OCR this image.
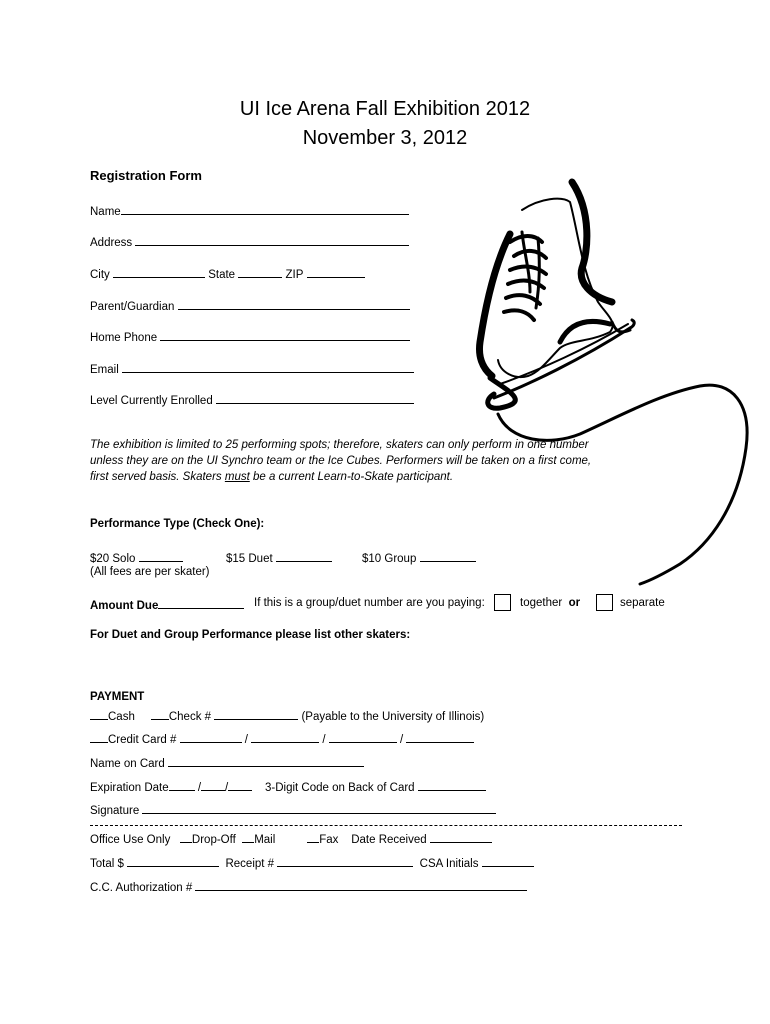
UI Ice Arena Fall Exhibition 2012
November 3, 2012
Registration Form
Name
Address
City	State	ZIP
Parent/Guardian
Home Phone
Email
Level Currently Enrolled
The exhibition is limited to 25 performing spots; therefore, skaters can only perform in one number unless they are on the UI Synchro team or the Ice Cubes. Performers will be taken on a first come, first served basis. Skaters must be a current Learn-to-Skate participant.
Performance Type (Check One):
$20 Solo	$15 Duet	$10 Group
(All fees are per skater)
Amount Due	If this is a group/duet number are you paying:	together or	separate
For Duet and Group Performance please list other skaters:
PAYMENT
Cash	Check #	(Payable to the University of Illinois)
Credit Card #	/	/	/
Name on Card
Expiration Date / /	3-Digit Code on Back of Card
Signature
Office Use Only Drop-Off Mail	Fax Date Received
Total $	Receipt #	CSA Initials
C.C. Authorization #
